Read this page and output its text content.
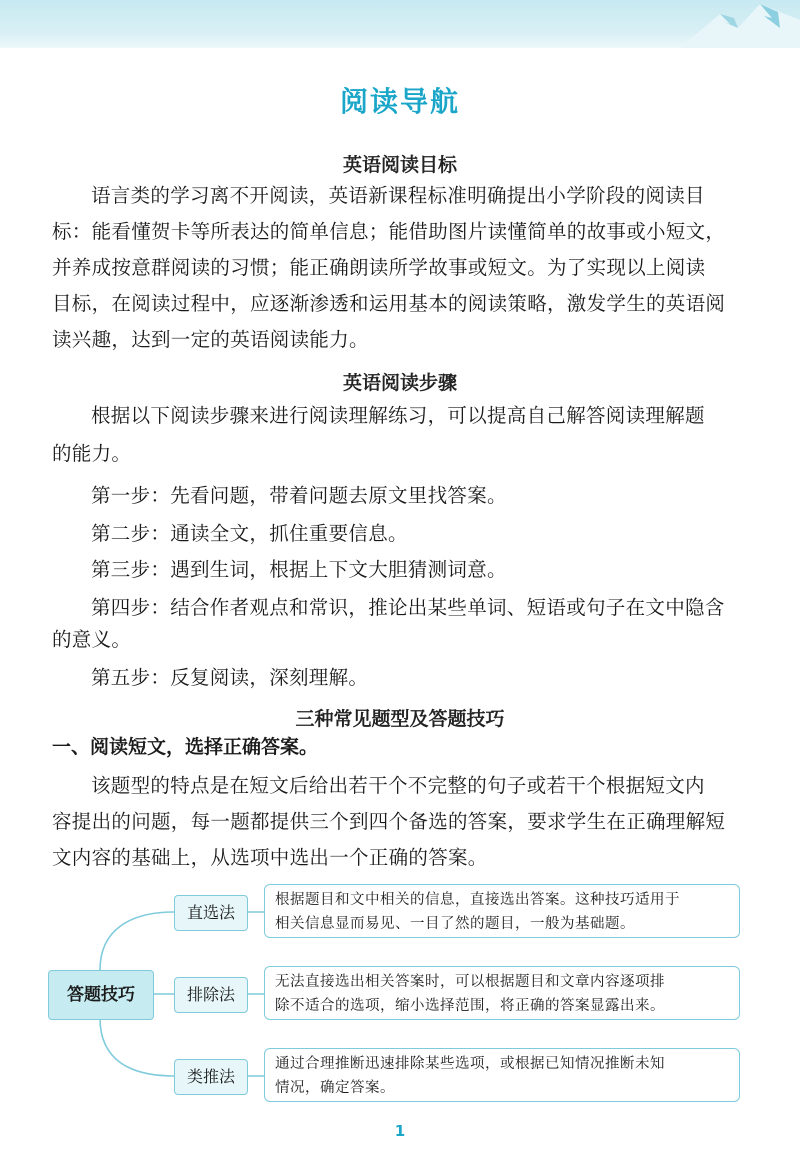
阅读导航
英语阅读目标

语言类的学习离不开阅读，英语新课程标准明确提出小学阶段的阅读目

标：能看懂贺卡等所表达的简单信息；能借助图片读懂简单的故事或小短文，

并养成按意群阅读的习惯；能正确朗读所学故事或短文。为了实现以上阅读

目标，在阅读过程中，应逐渐渗透和运用基本的阅读策略，激发学生的英语阅

读兴趣，达到一定的英语阅读能力。

英语阅读步骤

根据以下阅读步骤来进行阅读理解练习，可以提高自己解答阅读理解题

的能力。

第一步：先看问题，带着问题去原文里找答案。

第二步：通读全文，抓住重要信息。

第三步：遇到生词，根据上下文大胆猜测词意。

第四步：结合作者观点和常识，推论出某些单词、短语或句子在文中隐含

的意义。

第五步：反复阅读，深刻理解。

三种常见题型及答题技巧
一、阅读短文，选择正确答案。

该题型的特点是在短文后给出若干个不完整的句子或若干个根据短文内

容提出的问题，每一题都提供三个到四个备选的答案，要求学生在正确理解短

文内容的基础上，从选项中选出一个正确的答案。

答题技巧
直选法
根据题目和文中相关的信息，直接选出答案。这种技巧适用于
相关信息显而易见、一目了然的题目，一般为基础题。
排除法
无法直接选出相关答案时，可以根据题目和文章内容逐项排
除不适合的选项，缩小选择范围，将正确的答案显露出来。
类推法
通过合理推断迅速排除某些选项，或根据已知情况推断未知
情况，确定答案。
1
